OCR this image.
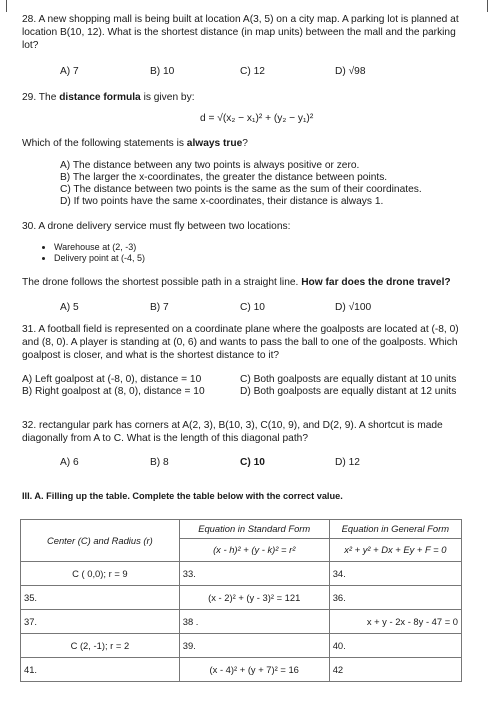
28. A new shopping mall is being built at location A(3, 5) on a city map. A parking lot is planned at
location B(10, 12). What is the shortest distance (in map units) between the mall and the parking
lot?
A) 7	B) 10	C) 12	D) √98
29. The distance formula is given by:
d = √(x₂ − x₁)² + (y₂ − y₁)²
Which of the following statements is always true?
A) The distance between any two points is always positive or zero.
B) The larger the x-coordinates, the greater the distance between points.
C) The distance between two points is the same as the sum of their coordinates.
D) If two points have the same x-coordinates, their distance is always 1.
30. A drone delivery service must fly between two locations:
Warehouse at (2, -3)
Delivery point at (-4, 5)
The drone follows the shortest possible path in a straight line. How far does the drone travel?
A) 5	B) 7	C) 10	D) √100
31. A football field is represented on a coordinate plane where the goalposts are located at (-8, 0)
and (8, 0). A player is standing at (0, 6) and wants to pass the ball to one of the goalposts. Which
goalpost is closer, and what is the shortest distance to it?
A) Left goalpost at (-8, 0), distance = 10	C) Both goalposts are equally distant at 10 units
B) Right goalpost at (8, 0), distance = 10	D) Both goalposts are equally distant at 12 units
32. rectangular park has corners at A(2, 3), B(10, 3), C(10, 9), and D(2, 9). A shortcut is made
diagonally from A to C. What is the length of this diagonal path?
A) 6	B) 8	C) 10	D) 12
III. A. Filling up the table. Complete the table below with the correct value.
Center (C) and Radius (r)	Equation in Standard Form	Equation in General Form
	(x - h)² + (y - k)² = r²	x² + y² + Dx + Ey + F = 0
C ( 0,0); r = 9	33.	34.
35.	(x - 2)² + (y - 3)² = 121	36.
37.	38 .	x + y - 2x - 8y - 47 = 0
C (2, -1); r = 2	39.	40.
41.	(x - 4)² + (y + 7)² = 16	42
